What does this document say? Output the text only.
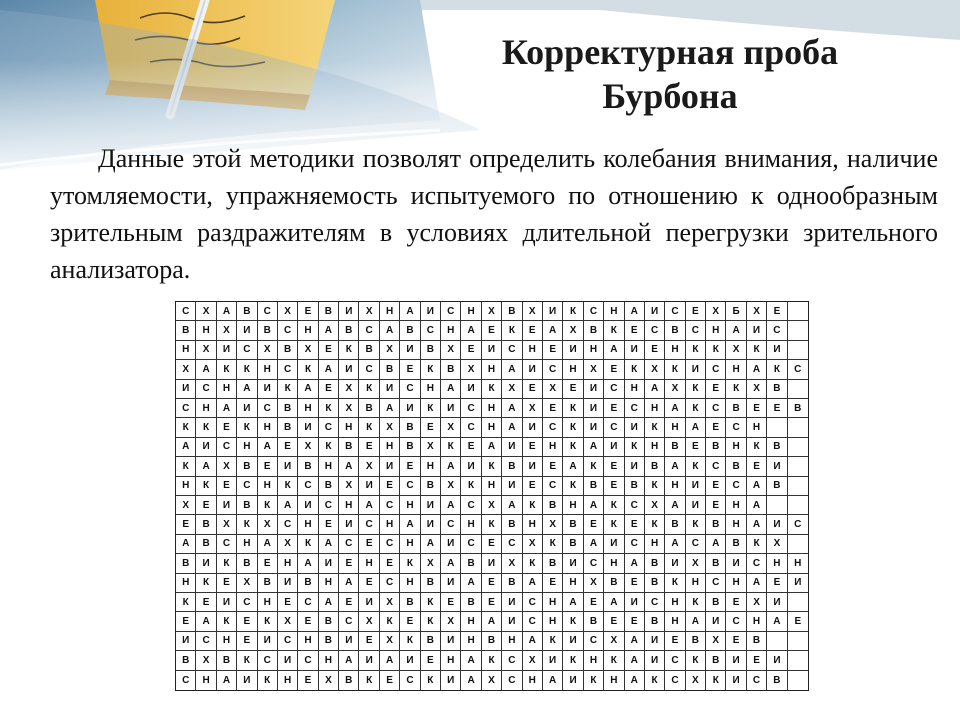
Корректурная проба
Бурбона

Данные этой методики позволят определить колебания внимания, наличие утомляемости, упражняемость испытуемого по отношению к однообразным зрительным раздражителям в условиях длительной перегрузки зрительного анализатора.

С	Х	А	В	С	Х	Е	В	И	Х	Н	А	И	С	Н	Х	В	Х	И	К	С	Н	А	И	С	Е	Х	Б	Х	Е
В	Н	Х	И	В	С	Н	А	В	С	А	В	С	Н	А	Е	К	Е	А	Х	В	К	Е	С	В	С	Н	А	И	С
Н	Х	И	С	Х	В	Х	Е	К	В	Х	И	В	Х	Е	И	С	Н	Е	И	Н	А	И	Е	Н	К	К	Х	К	И
Х	А	К	К	Н	С	К	А	И	С	В	Е	К	В	Х	Н	А	И	С	Н	Х	Е	К	Х	К	И	С	Н	А	К	С
И	С	Н	А	И	К	А	Е	Х	К	И	С	Н	А	И	К	Х	Е	Х	Е	И	С	Н	А	Х	К	Е	К	Х	В
С	Н	А	И	С	В	Н	К	Х	В	А	И	К	И	С	Н	А	Х	Е	К	И	Е	С	Н	А	К	С	В	Е	Е	В
К	К	Е	К	Н	В	И	С	Н	К	Х	В	Е	Х	С	Н	А	И	С	К	И	С	И	К	Н	А	Е	С	Н
А	И	С	Н	А	Е	Х	К	В	Е	Н	В	Х	К	Е	А	И	Е	Н	К	А	И	К	Н	В	Е	В	Н	К	В
К	А	Х	В	Е	И	В	Н	А	Х	И	Е	Н	А	И	К	В	И	Е	А	К	Е	И	В	А	К	С	В	Е	И
Н	К	Е	С	Н	К	С	В	Х	И	Е	С	В	Х	К	Н	И	Е	С	К	В	Е	В	К	Н	И	Е	С	А	В
Х	Е	И	В	К	А	И	С	Н	А	С	Н	И	А	С	Х	А	К	В	Н	А	К	С	Х	А	И	Е	Н	А
Е	В	Х	К	Х	С	Н	Е	И	С	Н	А	И	С	Н	К	В	Н	Х	В	Е	К	Е	К	В	К	В	Н	А	И	С
А	В	С	Н	А	Х	К	А	С	Е	С	Н	А	И	С	Е	С	Х	К	В	А	И	С	Н	А	С	А	В	К	Х
В	И	К	В	Е	Н	А	И	Е	Н	Е	К	Х	А	В	И	Х	К	В	И	С	Н	А	В	И	Х	В	И	С	Н	Н
Н	К	Е	Х	В	И	В	Н	А	Е	С	Н	В	И	А	Е	В	А	Е	Н	Х	В	Е	В	К	Н	С	Н	А	Е	И
К	Е	И	С	Н	Е	С	А	Е	И	Х	В	К	Е	В	Е	И	С	Н	А	Е	А	И	С	Н	К	В	Е	Х	И
Е	А	К	Е	К	Х	Е	В	С	Х	К	Е	К	Х	Н	А	И	С	Н	К	В	Е	Е	В	Н	А	И	С	Н	А	Е
И	С	Н	Е	И	С	Н	В	И	Е	Х	К	В	И	Н	В	Н	А	К	И	С	Х	А	И	Е	В	Х	Е	В
В	Х	В	К	С	И	С	Н	А	И	А	И	Е	Н	А	К	С	Х	И	К	Н	К	А	И	С	К	В	И	Е	И
С	Н	А	И	К	Н	Е	Х	В	К	Е	С	К	И	А	Х	С	Н	А	И	К	Н	А	К	С	Х	К	И	С	В
